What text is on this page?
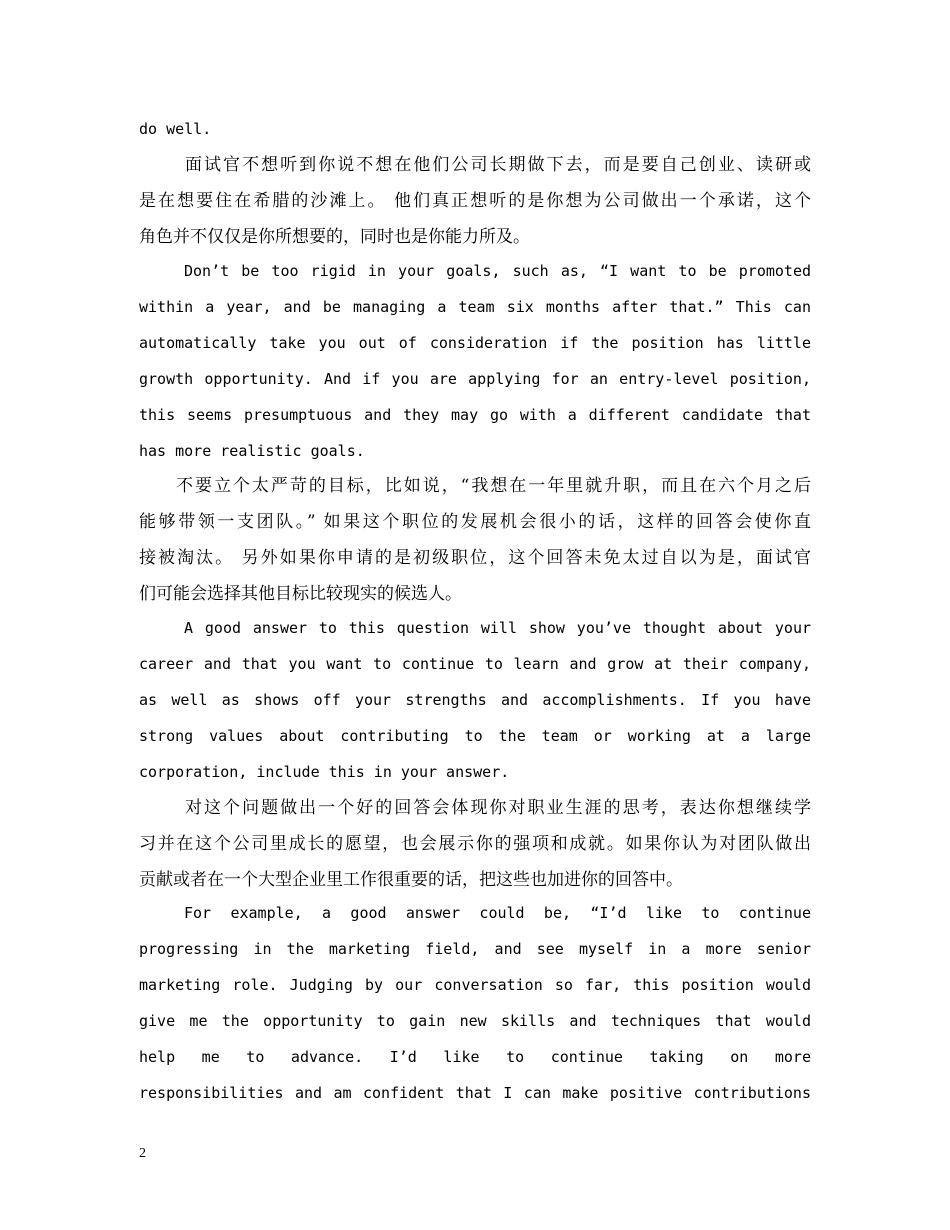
do well.
面试官不想听到你说不想在他们公司长期做下去，而是要自己创业、读研或
是在想要住在希腊的沙滩上。 他们真正想听的是你想为公司做出一个承诺，这个
角色并不仅仅是你所想要的，同时也是你能力所及。
Don’t be too rigid in your goals, such as, “I want to be promoted
within a year, and be managing a team six months after that.” This can
automatically take you out of consideration if the position has little
growth opportunity. And if you are applying for an entry-level position,
this seems presumptuous and they may go with a different candidate that
has more realistic goals.
不要立个太严苛的目标，比如说，“我想在一年里就升职，而且在六个月之后
能够带领一支团队。” 如果这个职位的发展机会很小的话，这样的回答会使你直
接被淘汰。 另外如果你申请的是初级职位，这个回答未免太过自以为是，面试官
们可能会选择其他目标比较现实的候选人。
A good answer to this question will show you’ve thought about your
career and that you want to continue to learn and grow at their company,
as well as shows off your strengths and accomplishments. If you have
strong values about contributing to the team or working at a large
corporation, include this in your answer.
对这个问题做出一个好的回答会体现你对职业生涯的思考，表达你想继续学
习并在这个公司里成长的愿望，也会展示你的强项和成就。如果你认为对团队做出
贡献或者在一个大型企业里工作很重要的话，把这些也加进你的回答中。
For example, a good answer could be, “I’d like to continue
progressing in the marketing field, and see myself in a more senior
marketing role. Judging by our conversation so far, this position would
give me the opportunity to gain new skills and techniques that would
help me to advance. I’d like to continue taking on more
responsibilities and am confident that I can make positive contributions
2
